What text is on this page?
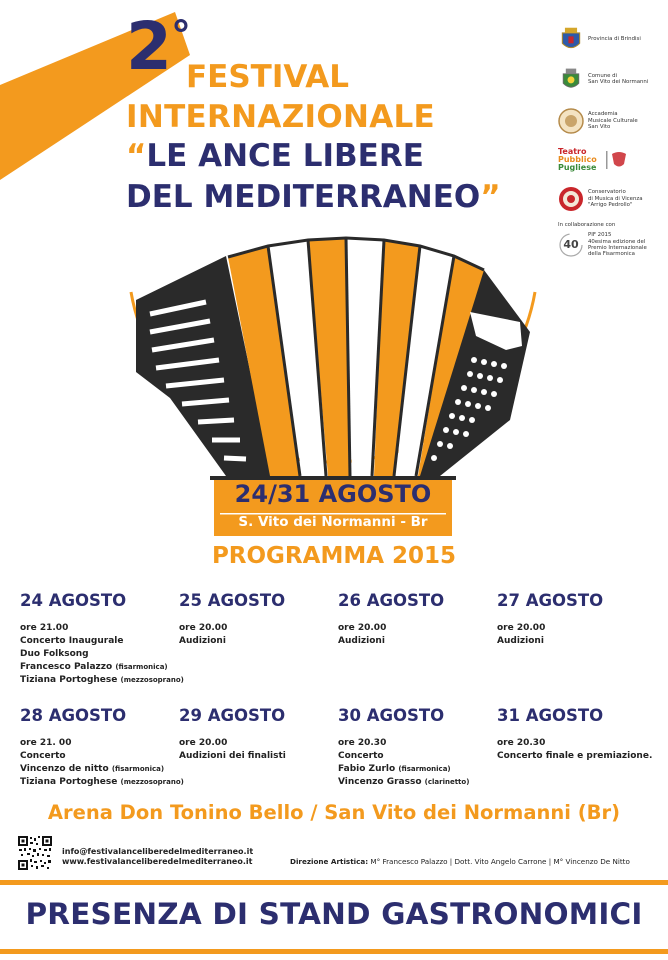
2°
FESTIVAL
INTERNAZIONALE
“LE ANCE LIBERE
DEL MEDITERRANEO”
Provincia di Brindisi
Comune di
San Vito dei Normanni
Accademia
Musicale Culturale
San Vito
Teatro
Pubblico
Pugliese
Conservatorio
di Musica di Vicenza
"Arrigo Pedrollo"
In collaborazione con
40
PIF 2015
40esima edizione del
Premio Internazionale
della Fisarmonica
24/31 AGOSTO
S. Vito dei Normanni - Br
PROGRAMMA 2015
24 AGOSTO
ore 21.00
Concerto Inaugurale
Duo Folksong
Francesco Palazzo (fisarmonica)
Tiziana Portoghese (mezzosoprano)
25 AGOSTO
ore 20.00
Audizioni
26 AGOSTO
ore 20.00
Audizioni
27 AGOSTO
ore 20.00
Audizioni
28 AGOSTO
ore 21. 00
Concerto
Vincenzo de nitto (fisarmonica)
Tiziana Portoghese (mezzosoprano)
29 AGOSTO
ore 20.00
Audizioni dei finalisti
30 AGOSTO
ore 20.30
Concerto
Fabio Zurlo (fisarmonica)
Vincenzo Grasso (clarinetto)
31 AGOSTO
ore 20.30
Concerto finale e premiazione.
Arena Don Tonino Bello / San Vito dei Normanni (Br)
info@festivalanceliberedelmediterraneo.it
www.festivalanceliberedelmediterraneo.it	Direzione Artistica: M° Francesco Palazzo | Dott. Vito Angelo Carrone | M° Vincenzo De Nitto
PRESENZA DI STAND GASTRONOMICI
